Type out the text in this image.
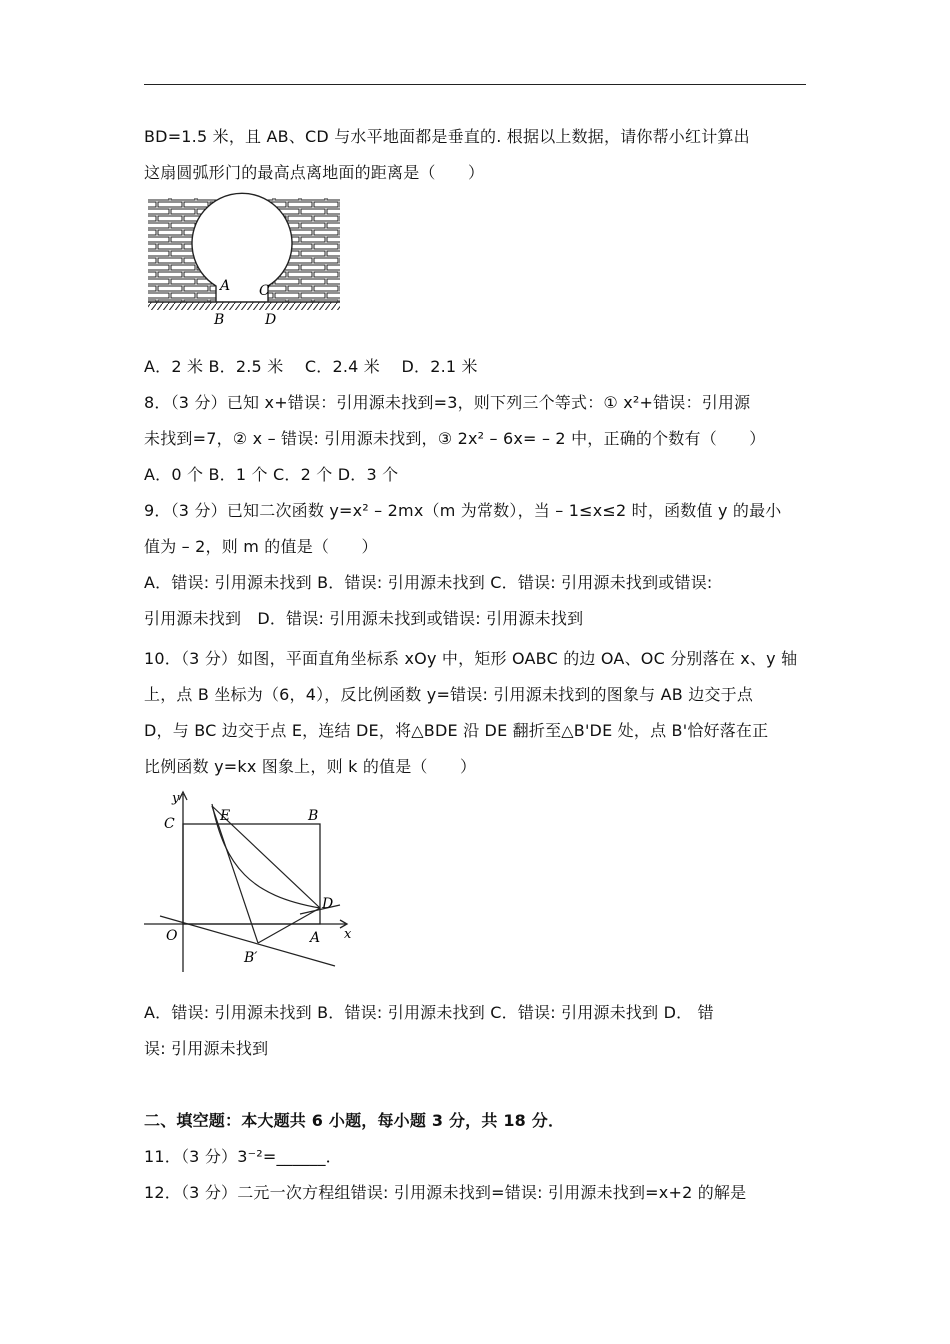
BD=1.5 米，且 AB、CD 与水平地面都是垂直的. 根据以上数据，请你帮小红计算出
这扇圆弧形门的最高点离地面的距离是（　　）
A
B
C
D
A．2 米 B．2.5 米　 C．2.4 米　 D．2.1 米
8．（3 分）已知 x+错误：引用源未找到=3，则下列三个等式：① x²+错误：引用源
未找到=7，② x – 错误: 引用源未找到，③ 2x² – 6x= – 2 中，正确的个数有（　　）
A．0 个 B．1 个 C．2 个 D．3 个
9．（3 分）已知二次函数 y=x² – 2mx（m 为常数），当 – 1≤x≤2 时，函数值 y 的最小
值为 – 2，则 m 的值是（　　）
A．错误: 引用源未找到 B．错误: 引用源未找到 C．错误: 引用源未找到或错误:
引用源未找到　D．错误: 引用源未找到或错误: 引用源未找到
10．（3 分）如图，平面直角坐标系 xOy 中，矩形 OABC 的边 OA、OC 分别落在 x、y 轴
上，点 B 坐标为（6，4），反比例函数 y=错误: 引用源未找到的图象与 AB 边交于点
D，与 BC 边交于点 E，连结 DE，将△BDE 沿 DE 翻折至△B'DE 处，点 B'恰好落在正
比例函数 y=kx 图象上，则 k 的值是（　　）
y
x
C	E	B
O	A
D
B′
A．错误: 引用源未找到 B．错误: 引用源未找到 C．错误: 引用源未找到 D． 错
误: 引用源未找到
二、填空题：本大题共 6 小题，每小题 3 分，共 18 分．
11．（3 分）3⁻²=______．
12．（3 分）二元一次方程组错误: 引用源未找到=错误: 引用源未找到=x+2 的解是
